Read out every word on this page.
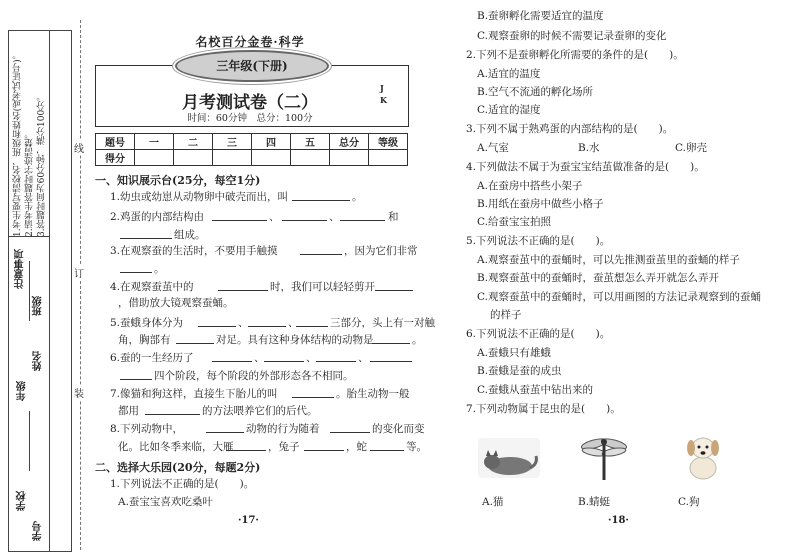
1.考生要写清校名、班级和姓名(或考试证号)。 2.请考生答题时字迹清楚。 3.答题时间为60分钟，满分100分。
注意事项
学校
学号
年级
姓名
班级
线
订
装
名校百分金卷·科学
三年级(下册)
月考测试卷（二）
J
K
时间：60分钟　总分：100分
题号	一	二	三	四	五	总分	等级
得分							
一、知识展示台(25分，每空1分)
1.幼虫或幼崽从动物卵中破壳而出，叫	。
2.鸡蛋的内部结构由	、	、	和
组成。
3.在观察蚕的生活时，不要用手触摸	，因为它们非常
。
4.在观察蚕茧中的	时，我们可以轻轻剪开
，借助放大镜观察蚕蛹。
5.蚕蛾身体分为	、	、	三部分，头上有一对触
角，胸部有	对足。具有这种身体结构的动物是	。
6.蚕的一生经历了	、	、	、
四个阶段，每个阶段的外部形态各不相同。
7.像猫和狗这样，直接生下胎儿的叫	。胎生动物一般
都用	的方法喂养它们的后代。
8.下列动物中，	动物的行为随着	的变化而变
化。比如冬季来临，大雁	，兔子	，蛇	等。
二、选择大乐园(20分，每题2分)
1.下列说法不正确的是(　　)。
A.蚕宝宝喜欢吃桑叶
·17·
B.蚕卵孵化需要适宜的温度
C.观察蚕卵的时候不需要记录蚕卵的变化
2.下列不是蚕卵孵化所需要的条件的是(　　)。
A.适宜的温度
B.空气不流通的孵化场所
C.适宜的湿度
3.下列不属于熟鸡蛋的内部结构的是(　　)。
A.气室	B.水	C.卵壳
4.下列做法不属于为蚕宝宝结茧做准备的是(　　)。
A.在蚕房中搭些小架子
B.用纸在蚕房中做些小格子
C.给蚕宝宝拍照
5.下列说法不正确的是(　　)。
A.观察蚕茧中的蚕蛹时，可以先推测蚕茧里的蚕蛹的样子
B.观察蚕茧中的蚕蛹时，蚕茧想怎么弄开就怎么弄开
C.观察蚕茧中的蚕蛹时，可以用画图的方法记录观察到的蚕蛹
的样子
6.下列说法不正确的是(　　)。
A.蚕蛾只有雄蛾
B.蚕蛾是蚕的成虫
C.蚕蛾从蚕茧中钻出来的
7.下列动物属于昆虫的是(　　)。
A.猫	B.蜻蜓	C.狗
·18·
